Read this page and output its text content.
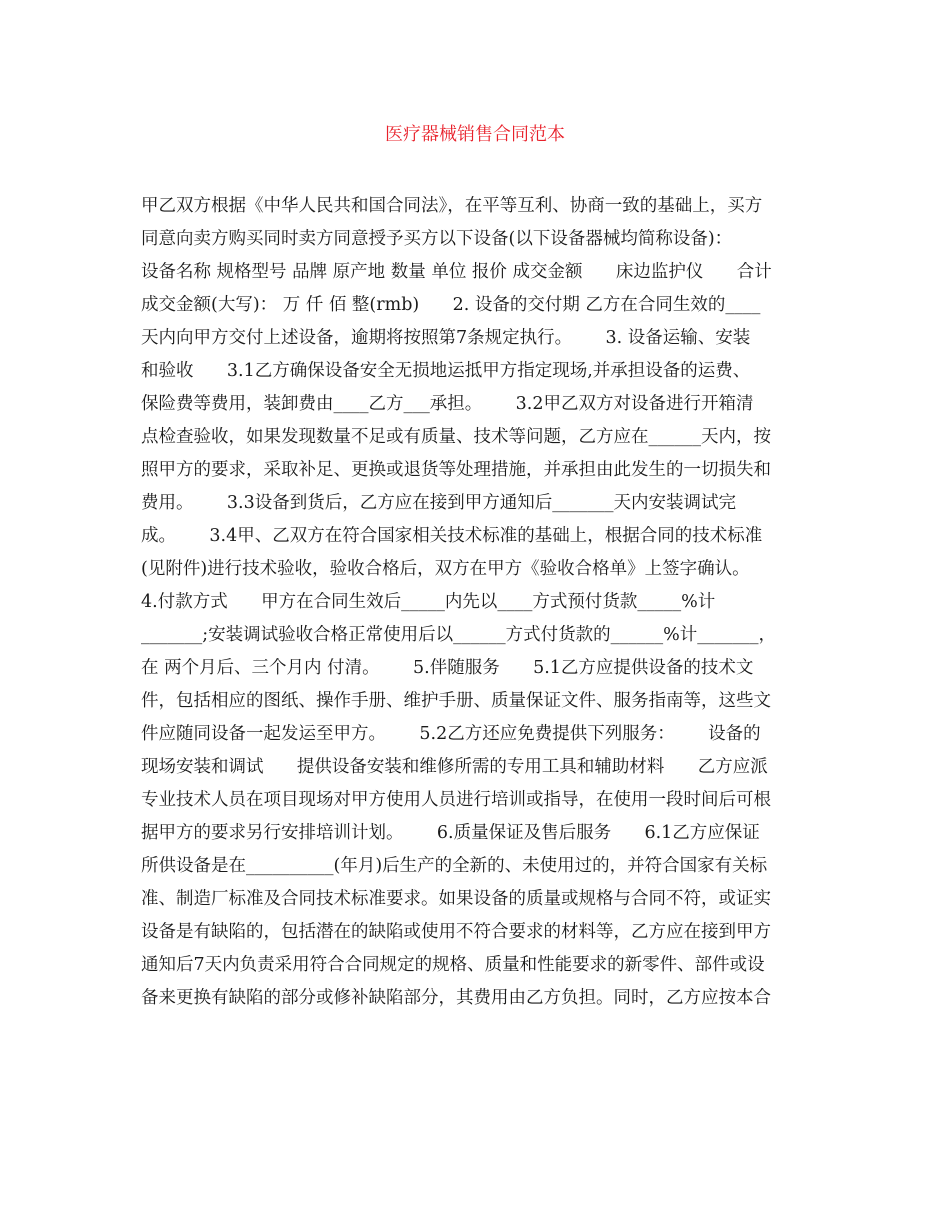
医疗器械销售合同范本
甲乙双方根据《中华人民共和国合同法》，在平等互利、协商一致的基础上，买方
同意向卖方购买同时卖方同意授予买方以下设备(以下设备器械均简称设备)：
设备名称 规格型号 品牌 原产地 数量 单位 报价 成交金额      床边监护仪      合计
成交金额(大写)： 万 仟 佰 整(rmb)      2. 设备的交付期 乙方在合同生效的____
天内向甲方交付上述设备，逾期将按照第7条规定执行。      3. 设备运输、安装
和验收      3.1乙方确保设备安全无损地运抵甲方指定现场,并承担设备的运费、
保险费等费用，装卸费由____乙方___承担。      3.2甲乙双方对设备进行开箱清
点检查验收，如果发现数量不足或有质量、技术等问题，乙方应在______天内，按
照甲方的要求，采取补足、更换或退货等处理措施，并承担由此发生的一切损失和
费用。      3.3设备到货后，乙方应在接到甲方通知后_______天内安装调试完
成。      3.4甲、乙双方在符合国家相关技术标准的基础上，根据合同的技术标准
(见附件)进行技术验收，验收合格后，双方在甲方《验收合格单》上签字确认。
4.付款方式      甲方在合同生效后_____内先以____方式预付货款_____%计
_______;安装调试验收合格正常使用后以______方式付货款的______%计_______，
在 两个月后、三个月内 付清。      5.伴随服务      5.1乙方应提供设备的技术文
件，包括相应的图纸、操作手册、维护手册、质量保证文件、服务指南等，这些文
件应随同设备一起发运至甲方。      5.2乙方还应免费提供下列服务：      设备的
现场安装和调试      提供设备安装和维修所需的专用工具和辅助材料      乙方应派
专业技术人员在项目现场对甲方使用人员进行培训或指导，在使用一段时间后可根
据甲方的要求另行安排培训计划。      6.质量保证及售后服务      6.1乙方应保证
所供设备是在__________(年月)后生产的全新的、未使用过的，并符合国家有关标
准、制造厂标准及合同技术标准要求。如果设备的质量或规格与合同不符，或证实
设备是有缺陷的，包括潜在的缺陷或使用不符合要求的材料等，乙方应在接到甲方
通知后7天内负责采用符合合同规定的规格、质量和性能要求的新零件、部件或设
备来更换有缺陷的部分或修补缺陷部分，其费用由乙方负担。同时，乙方应按本合
